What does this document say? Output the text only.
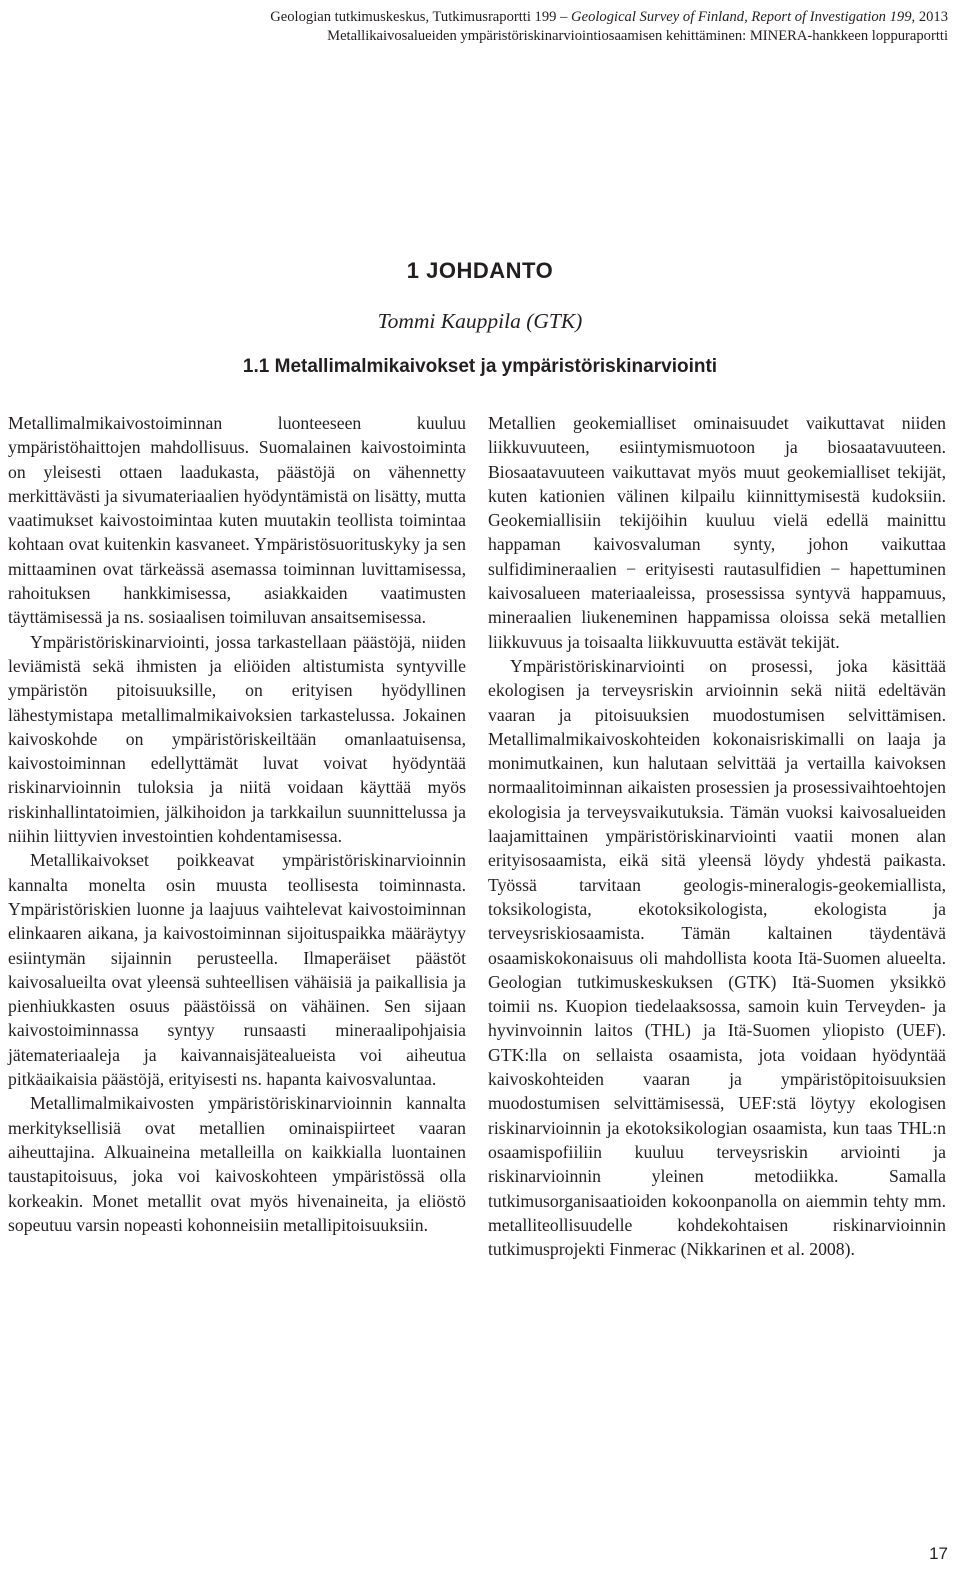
Geologian tutkimuskeskus, Tutkimusraportti 199 – Geological Survey of Finland, Report of Investigation 199, 2013
Metallikaivosalueiden ympäristöriskinarviointiosaamisen kehittäminen: MINERA-hankkeen loppuraportti
1 JOHDANTO
Tommi Kauppila (GTK)
1.1 Metallimalmikaivokset ja ympäristöriskinarviointi

Metallimalmikaivostoiminnan luonteeseen kuuluu ympäristöhaittojen mahdollisuus. Suomalainen kaivostoiminta on yleisesti ottaen laadukasta, päästöjä on vähennetty merkittävästi ja sivumateriaalien hyödyntämistä on lisätty, mutta vaatimukset kaivostoimintaa kuten muutakin teollista toimintaa kohtaan ovat kuitenkin kasvaneet. Ympäristösuorituskyky ja sen mittaaminen ovat tärkeässä asemassa toiminnan luvittamisessa, rahoituksen hankkimisessa, asiakkaiden vaatimusten täyttämisessä ja ns. sosiaalisen toimiluvan ansaitsemisessa.

Ympäristöriskinarviointi, jossa tarkastellaan päästöjä, niiden leviämistä sekä ihmisten ja eliöiden altistumista syntyville ympäristön pitoisuuksille, on erityisen hyödyllinen lähestymistapa metallimalmikaivoksien tarkastelussa. Jokainen kaivoskohde on ympäristöriskeiltään omanlaatuisensa, kaivostoiminnan edellyttämät luvat voivat hyödyntää riskinarvioinnin tuloksia ja niitä voidaan käyttää myös riskinhallintatoimien, jälkihoidon ja tarkkailun suunnittelussa ja niihin liittyvien investointien kohdentamisessa.

Metallikaivokset poikkeavat ympäristöriskinarvioinnin kannalta monelta osin muusta teollisesta toiminnasta. Ympäristöriskien luonne ja laajuus vaihtelevat kaivostoiminnan elinkaaren aikana, ja kaivostoiminnan sijoituspaikka määräytyy esiintymän sijainnin perusteella. Ilmaperäiset päästöt kaivosalueilta ovat yleensä suhteellisen vähäisiä ja paikallisia ja pienhiukkasten osuus päästöissä on vähäinen. Sen sijaan kaivostoiminnassa syntyy runsaasti mineraalipohjaisia jätemateriaaleja ja kaivannaisjätealueista voi aiheutua pitkäaikaisia päästöjä, erityisesti ns. hapanta kaivosvaluntaa.

Metallimalmikaivosten ympäristöriskinarvioinnin kannalta merkityksellisiä ovat metallien ominaispiirteet vaaran aiheuttajina. Alkuaineina metalleilla on kaikkialla luontainen taustapitoisuus, joka voi kaivoskohteen ympäristössä olla korkeakin. Monet metallit ovat myös hivenaineita, ja eliöstö sopeutuu varsin nopeasti kohonneisiin metallipitoisuuksiin.

Metallien geokemialliset ominaisuudet vaikuttavat niiden liikkuvuuteen, esiintymismuotoon ja biosaatavuuteen. Biosaatavuuteen vaikuttavat myös muut geokemialliset tekijät, kuten kationien välinen kilpailu kiinnittymisestä kudoksiin. Geokemiallisiin tekijöihin kuuluu vielä edellä mainittu happaman kaivosvaluman synty, johon vaikuttaa sulfidimineraalien − erityisesti rautasulfidien − hapettuminen kaivosalueen materiaaleissa, prosessissa syntyvä happamuus, mineraalien liukeneminen happamissa oloissa sekä metallien liikkuvuus ja toisaalta liikkuvuutta estävät tekijät.

Ympäristöriskinarviointi on prosessi, joka käsittää ekologisen ja terveysriskin arvioinnin sekä niitä edeltävän vaaran ja pitoisuuksien muodostumisen selvittämisen. Metallimalmikaivoskohteiden kokonaisriskimalli on laaja ja monimutkainen, kun halutaan selvittää ja vertailla kaivoksen normaalitoiminnan aikaisten prosessien ja prosessivaihtoehtojen ekologisia ja terveysvaikutuksia. Tämän vuoksi kaivosalueiden laajamittainen ympäristöriskinarviointi vaatii monen alan erityisosaamista, eikä sitä yleensä löydy yhdestä paikasta. Työssä tarvitaan geologis-mineralogis-geokemiallista, toksikologista, ekotoksikologista, ekologista ja terveysriskiosaamista. Tämän kaltainen täydentävä osaamiskokonaisuus oli mahdollista koota Itä-Suomen alueelta. Geologian tutkimuskeskuksen (GTK) Itä-Suomen yksikkö toimii ns. Kuopion tiedelaaksossa, samoin kuin Terveyden- ja hyvinvoinnin laitos (THL) ja Itä-Suomen yliopisto (UEF). GTK:lla on sellaista osaamista, jota voidaan hyödyntää kaivoskohteiden vaaran ja ympäristöpitoisuuksien muodostumisen selvittämisessä, UEF:stä löytyy ekologisen riskinarvioinnin ja ekotoksikologian osaamista, kun taas THL:n osaamispofiiliin kuuluu terveysriskin arviointi ja riskinarvioinnin yleinen metodiikka. Samalla tutkimusorganisaatioiden kokoonpanolla on aiemmin tehty mm. metalliteollisuudelle kohdekohtaisen riskinarvioinnin tutkimusprojekti Finmerac (Nikkarinen et al. 2008).

17
